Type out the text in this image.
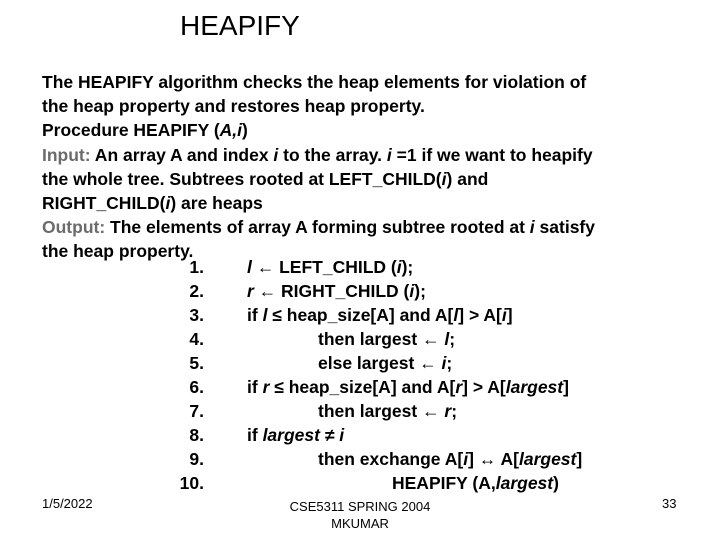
HEAPIFY
The HEAPIFY algorithm checks the heap elements for violation of
the heap property and restores heap property.
Procedure HEAPIFY (A,i)
Input: An array A and index i to the array. i =1 if we want to heapify
the whole tree. Subtrees rooted at LEFT_CHILD(i) and
RIGHT_CHILD(i) are heaps
Output: The elements of array A forming subtree rooted at i satisfy
the heap property.
1. l ← LEFT_CHILD (i);
2. r ← RIGHT_CHILD (i);
3. if l ≤ heap_size[A] and A[l] > A[i]
4.	then largest ← l;
5.	else largest ← i;
6. if r ≤ heap_size[A] and A[r] > A[largest]
7.	then largest ← r;
8. if largest ≠ i
9.	then exchange A[i] ↔ A[largest]
10.	HEAPIFY (A,largest)
1/5/2022	CSE5311 SPRING 2004
MKUMAR
33
